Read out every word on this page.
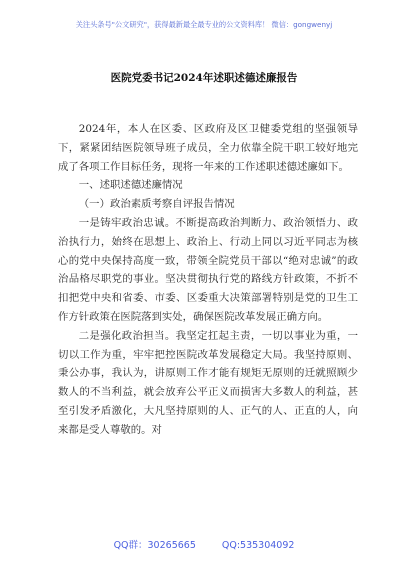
关注头条号"公文研究"，获得最新最全最专业的公文资料库！ 微信：gongwenyj
医院党委书记2024年述职述德述廉报告

2024年，本人在区委、区政府及区卫健委党组的坚强领导下，紧紧团结医院领导班子成员，全力依靠全院干职工较好地完成了各项工作目标任务，现将一年来的工作述职述德述廉如下。

一、述职述德述廉情况

（一）政治素质考察自评报告情况

一是铸牢政治忠诚。不断提高政治判断力、政治领悟力、政治执行力，始终在思想上、政治上、行动上同以习近平同志为核心的党中央保持高度一致，带领全院党员干部以“绝对忠诚”的政治品格尽职党的事业。坚决贯彻执行党的路线方针政策，不折不扣把党中央和省委、市委、区委重大决策部署特别是党的卫生工作方针政策在医院落到实处，确保医院改革发展正确方向。

二是强化政治担当。我坚定扛起主责，一切以事业为重，一切以工作为重，牢牢把控医院改革发展稳定大局。我坚持原则、秉公办事，我认为，讲原则工作才能有规矩无原则的迁就照顾少数人的不当利益，就会放弃公平正义而损害大多数人的利益，甚至引发矛盾激化，大凡坚持原则的人、正气的人、正直的人，向来都是受人尊敬的。对

QQ群：30265665	QQ:535304092
